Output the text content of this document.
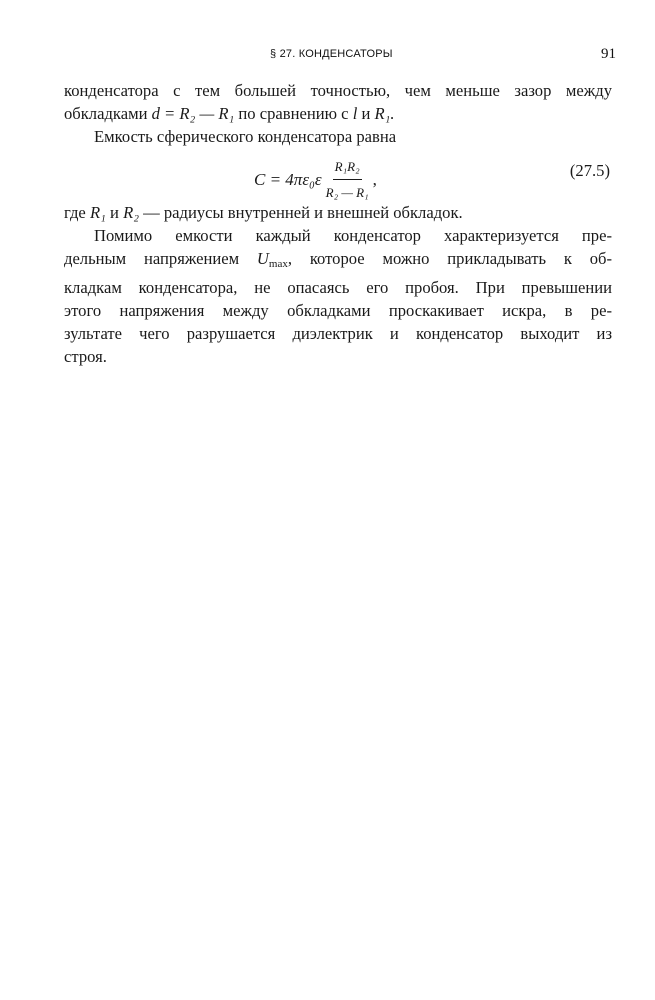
§ 27. КОНДЕНСАТОРЫ	91
конденсатора с тем большей точностью, чем меньше зазор между
обкладками d = R₂ — R₁ по сравнению с l и R₁.
Емкость сферического конденсатора равна
$C = 4\pi\varepsilon_0\varepsilon \frac{\text{R₁R₂}}{\text{R₂ — R₁}}$ ,	(27.5)
где R₁ и R₂ — радиусы внутренней и внешней обкладок.
Помимо емкости каждый конденсатор характеризуется пре-
дельным напряжением $U_{max}$, которое можно прикладывать к об-
кладкам конденсатора, не опасаясь его пробоя. При превышении
этого напряжения между обкладками проскакивает искра, в ре-
зультате чего разрушается диэлектрик и конденсатор выходит из
строя.
